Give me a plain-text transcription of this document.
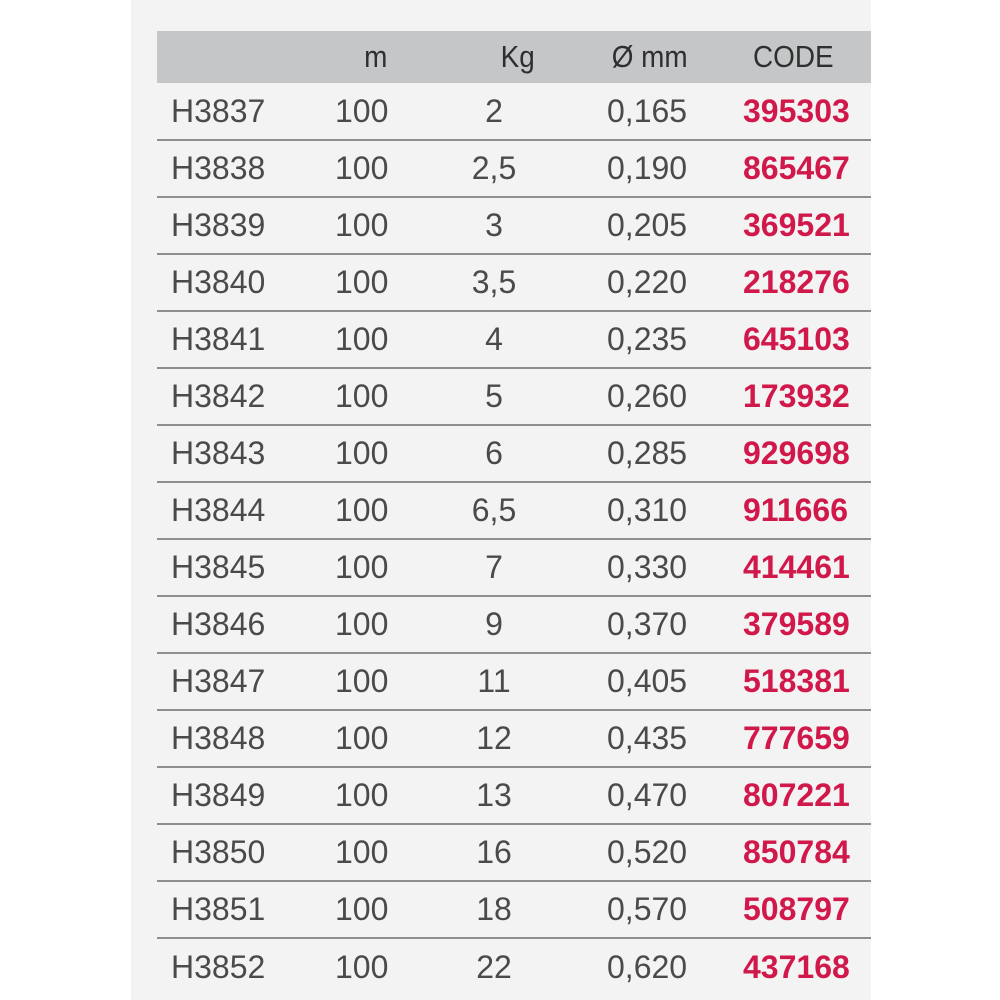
	m	Kg	Ø mm	CODE
H3837	100	2	0,165	395303
H3838	100	2,5	0,190	865467
H3839	100	3	0,205	369521
H3840	100	3,5	0,220	218276
H3841	100	4	0,235	645103
H3842	100	5	0,260	173932
H3843	100	6	0,285	929698
H3844	100	6,5	0,310	911666
H3845	100	7	0,330	414461
H3846	100	9	0,370	379589
H3847	100	11	0,405	518381
H3848	100	12	0,435	777659
H3849	100	13	0,470	807221
H3850	100	16	0,520	850784
H3851	100	18	0,570	508797
H3852	100	22	0,620	437168
